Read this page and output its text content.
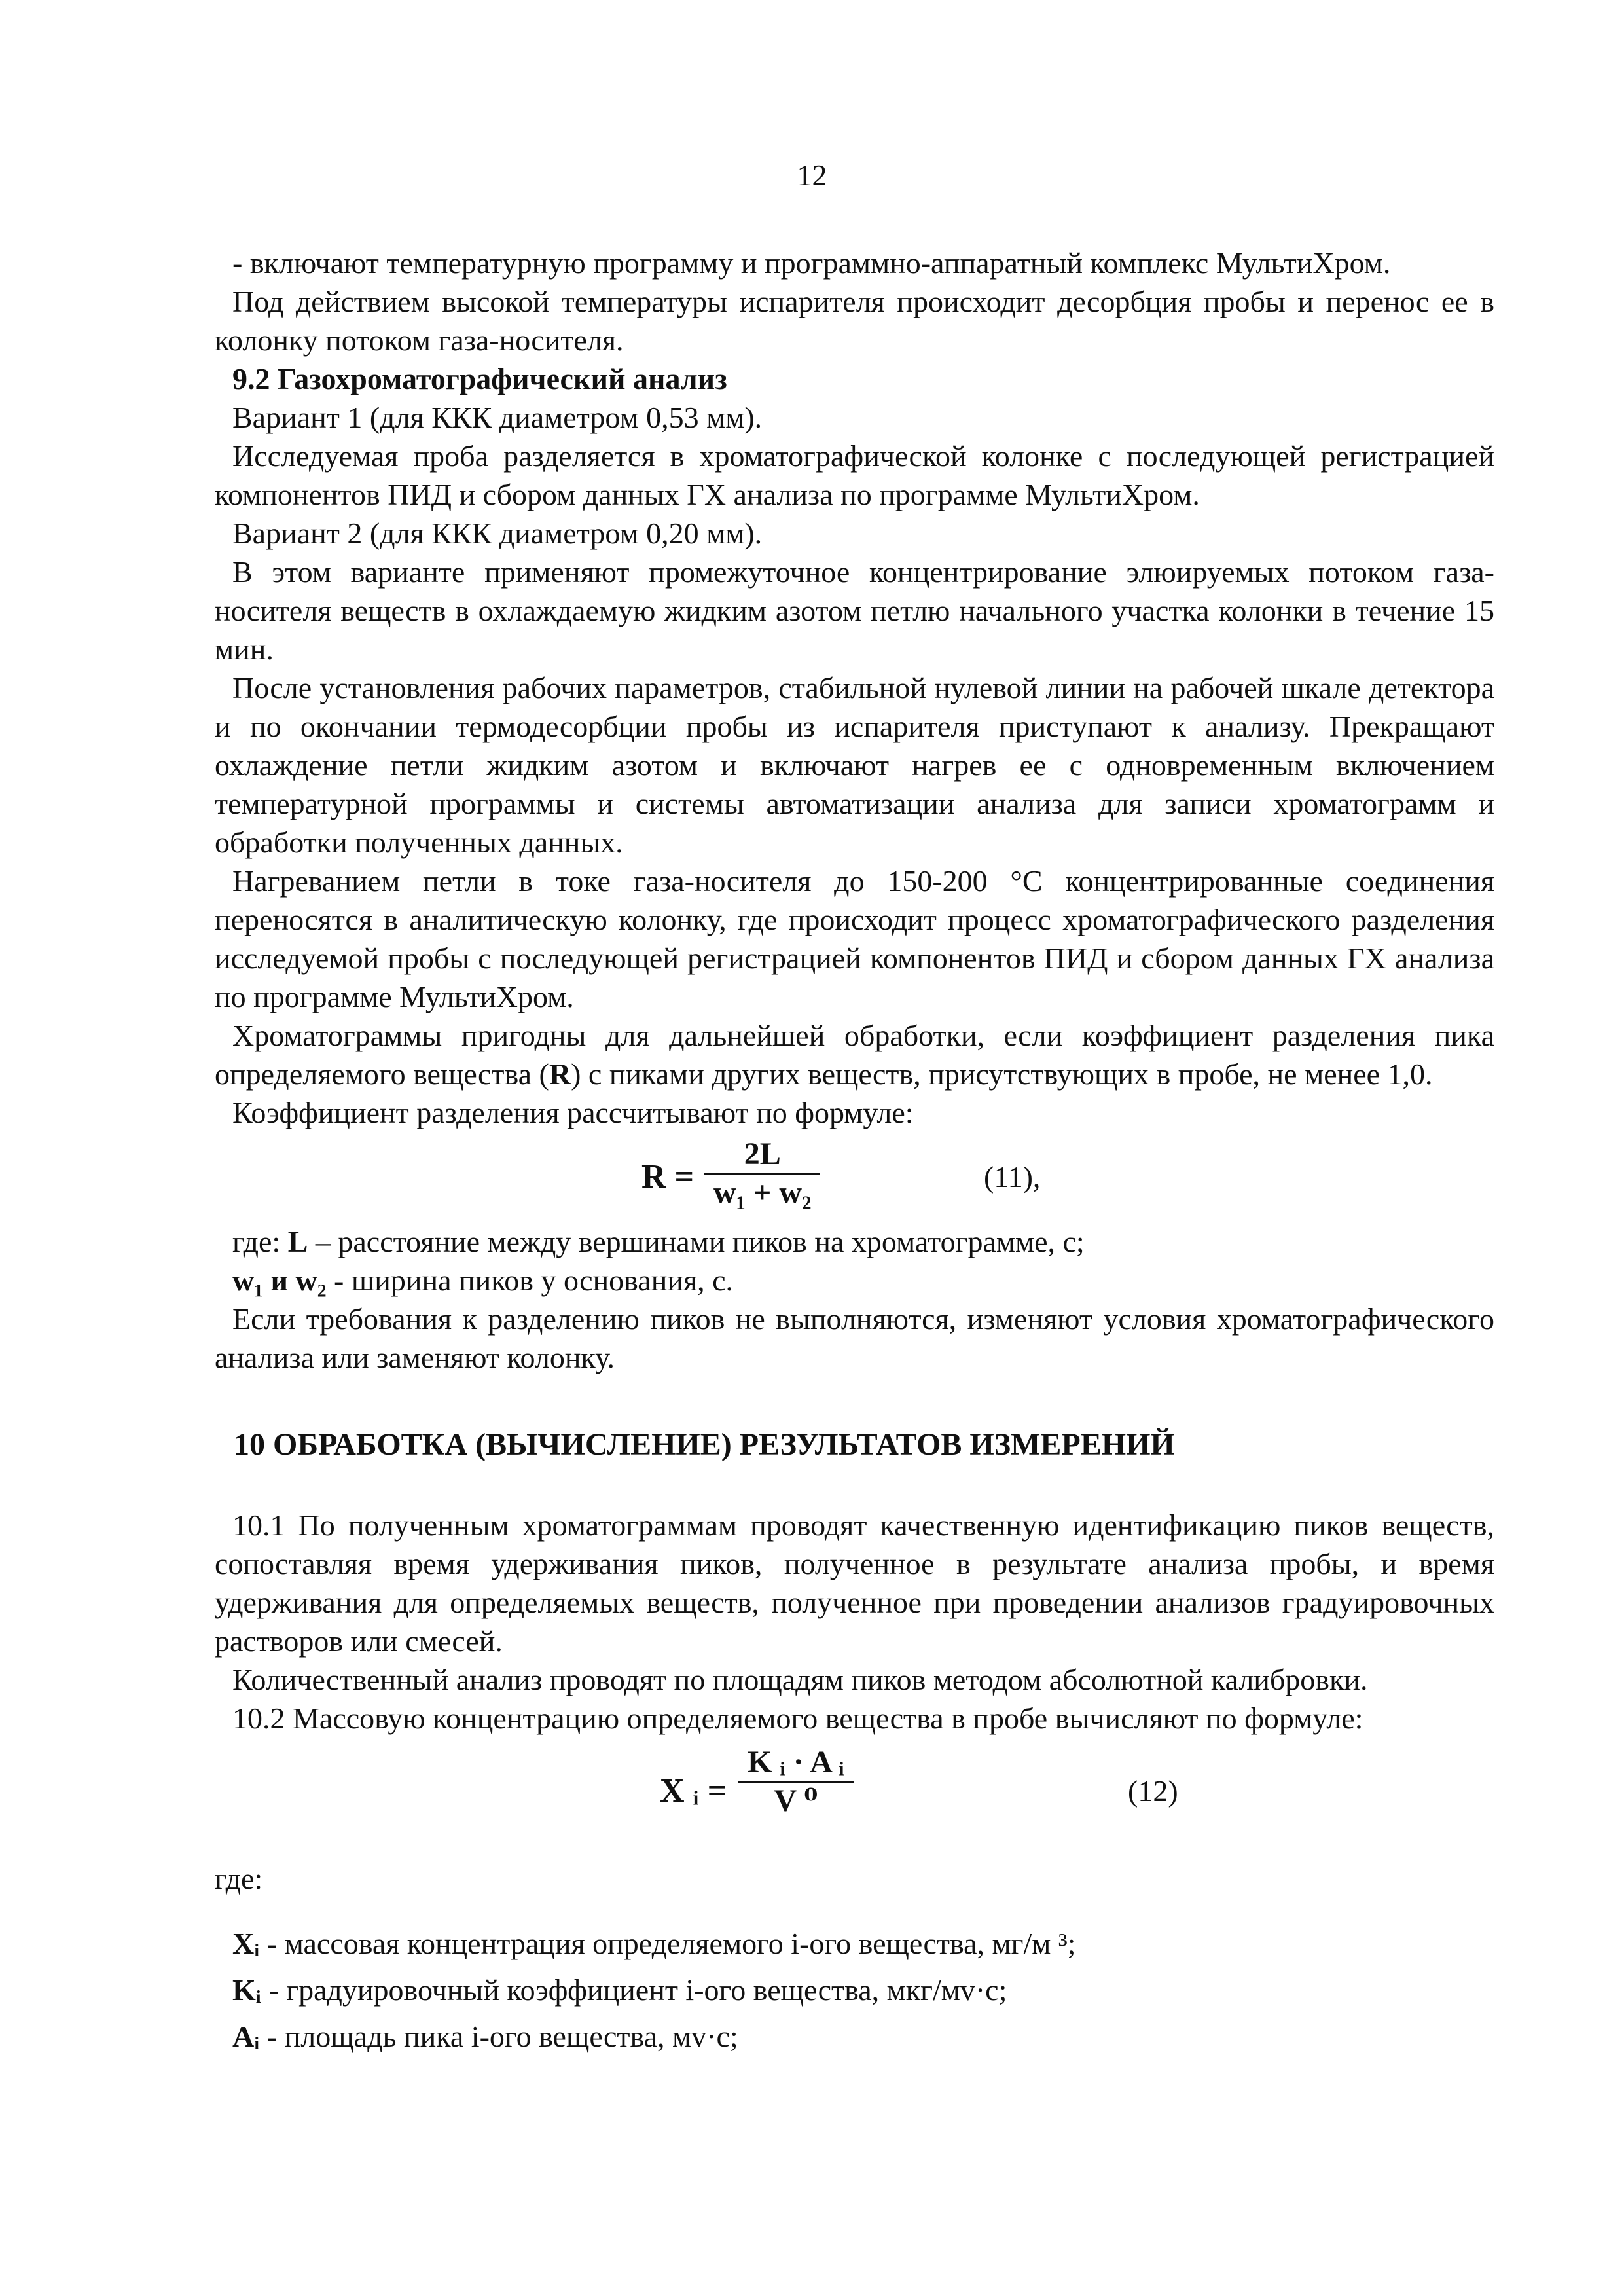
12

- включают температурную программу и программно-аппаратный комплекс МультиХром.

Под действием высокой температуры испарителя происходит десорбция пробы и перенос ее в колонку потоком газа-носителя.

9.2 Газохроматографический анализ

Вариант 1 (для ККК диаметром 0,53 мм).

Исследуемая проба разделяется в хроматографической колонке с последующей регистрацией компонентов ПИД и сбором данных ГХ анализа по программе МультиХром.

Вариант 2 (для ККК диаметром 0,20 мм).

В этом варианте применяют промежуточное концентрирование элюируемых потоком газа-носителя веществ в охлаждаемую жидким азотом петлю начального участка колонки в течение 15 мин.

После установления рабочих параметров, стабильной нулевой линии на рабочей шкале детектора и по окончании термодесорбции пробы из испарителя приступают к анализу. Прекращают охлаждение петли жидким азотом и включают нагрев ее с одновременным включением температурной программы и системы автоматизации анализа для записи хроматограмм и обработки полученных данных.

Нагреванием петли в токе газа-носителя до 150-200 °С концентрированные соединения переносятся в аналитическую колонку, где происходит процесс хроматографического разделения исследуемой пробы с последующей регистрацией компонентов ПИД и сбором данных ГХ анализа по программе МультиХром.

Хроматограммы пригодны для дальнейшей обработки, если коэффициент разделения пика определяемого вещества (R) с пиками других веществ, присутствующих в пробе, не менее 1,0.

Коэффициент разделения рассчитывают по формуле:

R =
2L
w₁ + w₂	(11),

где: L – расстояние между вершинами пиков на хроматограмме, с;

w₁ и w₂ - ширина пиков у основания, с.

Если требования к разделению пиков не выполняются, изменяют условия хроматографического анализа или заменяют колонку.

10 ОБРАБОТКА (ВЫЧИСЛЕНИЕ) РЕЗУЛЬТАТОВ ИЗМЕРЕНИЙ

10.1 По полученным хроматограммам проводят качественную идентификацию пиков веществ, сопоставляя время удерживания пиков, полученное в результате анализа пробы, и время удерживания для определяемых веществ, полученное при проведении анализов градуировочных растворов или смесей.

Количественный анализ проводят по площадям пиков методом абсолютной калибровки.

10.2 Массовую концентрацию определяемого вещества в пробе вычисляют по формуле:

X ᵢ =
K ᵢ · A ᵢ
V ⁰	(12)

где:

Xᵢ - массовая концентрация определяемого i-ого вещества, мг/м ³;

Kᵢ - градуировочный коэффициент i-ого вещества, мкг/мv·с;

Aᵢ - площадь пика i-ого вещества, мv·с;
